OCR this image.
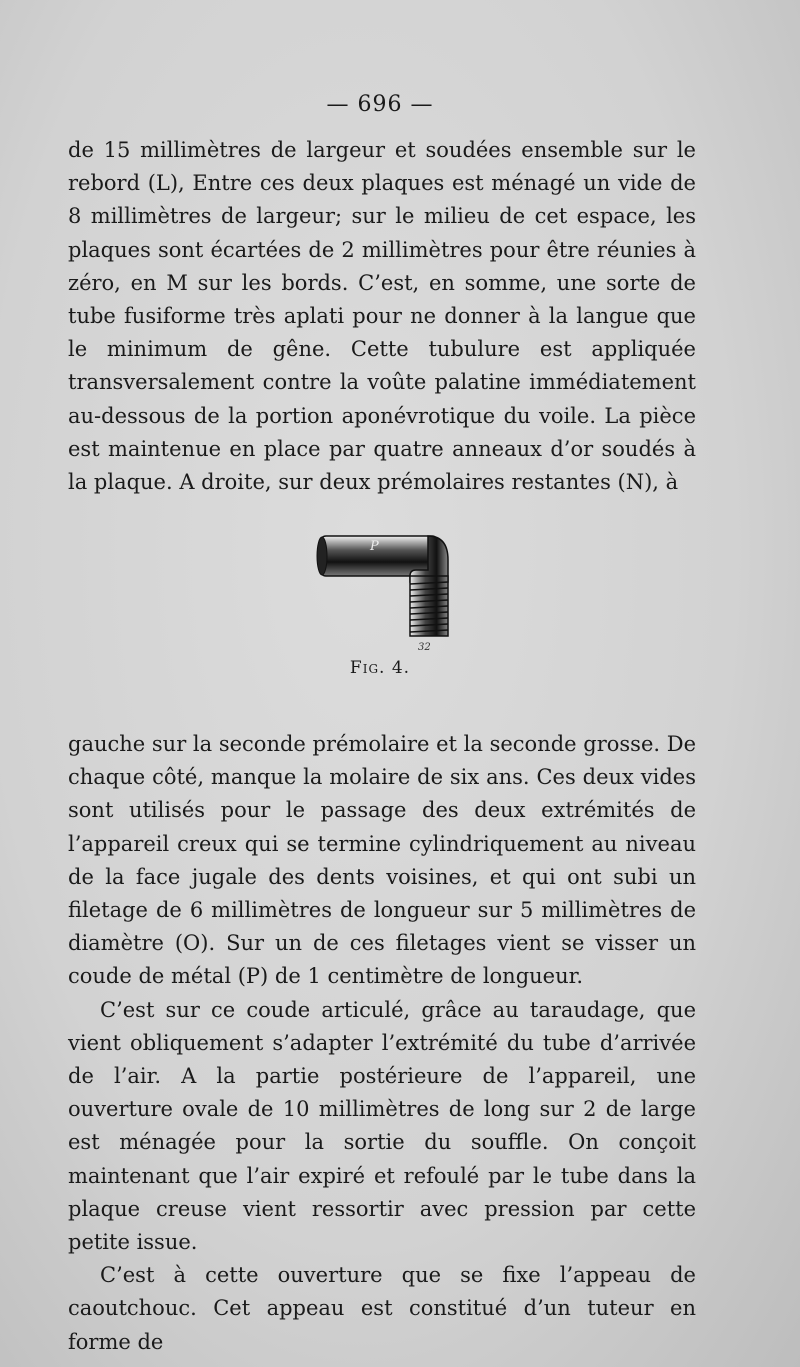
— 696 —

de 15 millimètres de largeur et soudées ensemble sur le rebord (L), Entre ces deux plaques est ménagé un vide de 8 millimètres de largeur; sur le milieu de cet espace, les plaques sont écartées de 2 millimètres pour être réunies à zéro, en M sur les bords. C’est, en somme, une sorte de tube fusiforme très aplati pour ne donner à la langue que le minimum de gêne. Cette tubulure est appliquée transversalement contre la voûte palatine immédiatement au-dessous de la portion aponévrotique du voile. La pièce est maintenue en place par quatre anneaux d’or soudés à la plaque. A droite, sur deux prémolaires restantes (N), à

P
32
Fig. 4.

gauche sur la seconde prémolaire et la seconde grosse. De chaque côté, manque la molaire de six ans. Ces deux vides sont utilisés pour le passage des deux extrémités de l’appareil creux qui se termine cylindriquement au niveau de la face jugale des dents voisines, et qui ont subi un filetage de 6 millimètres de longueur sur 5 millimètres de diamètre (O). Sur un de ces filetages vient se visser un coude de métal (P) de 1 centimètre de longueur.

C’est sur ce coude articulé, grâce au taraudage, que vient obliquement s’adapter l’extrémité du tube d’arrivée de l’air. A la partie postérieure de l’appareil, une ouverture ovale de 10 millimètres de long sur 2 de large est ménagée pour la sortie du souffle. On conçoit maintenant que l’air expiré et refoulé par le tube dans la plaque creuse vient ressortir avec pression par cette petite issue.

C’est à cette ouverture que se fixe l’appeau de caoutchouc. Cet appeau est constitué d’un tuteur en forme de
